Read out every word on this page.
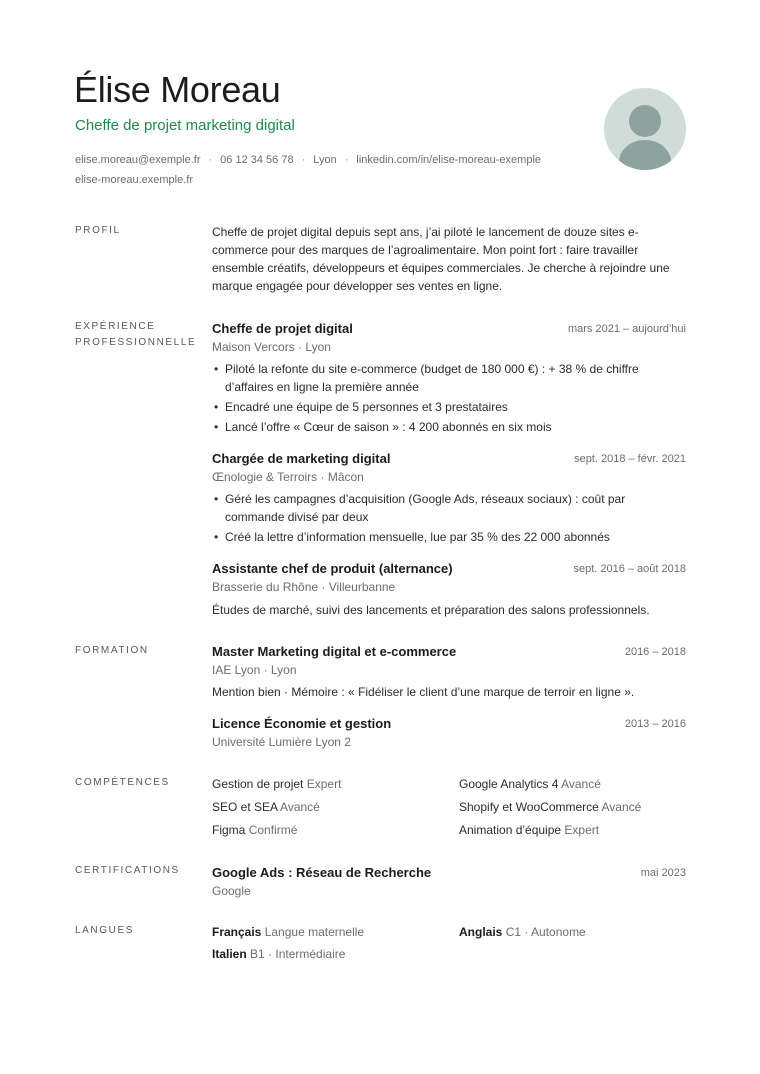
Élise Moreau
Cheffe de projet marketing digital
elise.moreau@exemple.fr · 06 12 34 56 78 · Lyon · linkedin.com/in/elise-moreau-exemple
elise-moreau.exemple.fr
PROFIL	Cheffe de projet digital depuis sept ans, j’ai piloté le lancement de douze sites e-commerce pour des marques de l’agroalimentaire. Mon point fort : faire travailler ensemble créatifs, développeurs et équipes commerciales. Je cherche à rejoindre une marque engagée pour développer ses ventes en ligne.
EXPÉRIENCE PROFESSIONNELLE
Cheffe de projet digital	mars 2021 – aujourd’hui
Maison Vercors · Lyon
• Piloté la refonte du site e-commerce (budget de 180 000 €) : + 38 % de chiffre d’affaires en ligne la première année
• Encadré une équipe de 5 personnes et 3 prestataires
• Lancé l’offre « Cœur de saison » : 4 200 abonnés en six mois
Chargée de marketing digital	sept. 2018 – févr. 2021
Œnologie & Terroirs · Mâcon
• Géré les campagnes d’acquisition (Google Ads, réseaux sociaux) : coût par commande divisé par deux
• Créé la lettre d’information mensuelle, lue par 35 % des 22 000 abonnés
Assistante chef de produit (alternance)	sept. 2016 – août 2018
Brasserie du Rhône · Villeurbanne
Études de marché, suivi des lancements et préparation des salons professionnels.
FORMATION	Master Marketing digital et e-commerce	2016 – 2018
IAE Lyon · Lyon
Mention bien · Mémoire : « Fidéliser le client d’une marque de terroir en ligne ».
Licence Économie et gestion	2013 – 2016
Université Lumière Lyon 2
COMPÉTENCES	Gestion de projet Expert	Google Analytics 4 Avancé
SEO et SEA Avancé	Shopify et WooCommerce Avancé
Figma Confirmé	Animation d’équipe Expert
CERTIFICATIONS	Google Ads : Réseau de Recherche	mai 2023
Google
LANGUES	Français Langue maternelle	Anglais C1 · Autonome
Italien B1 · Intermédiaire
